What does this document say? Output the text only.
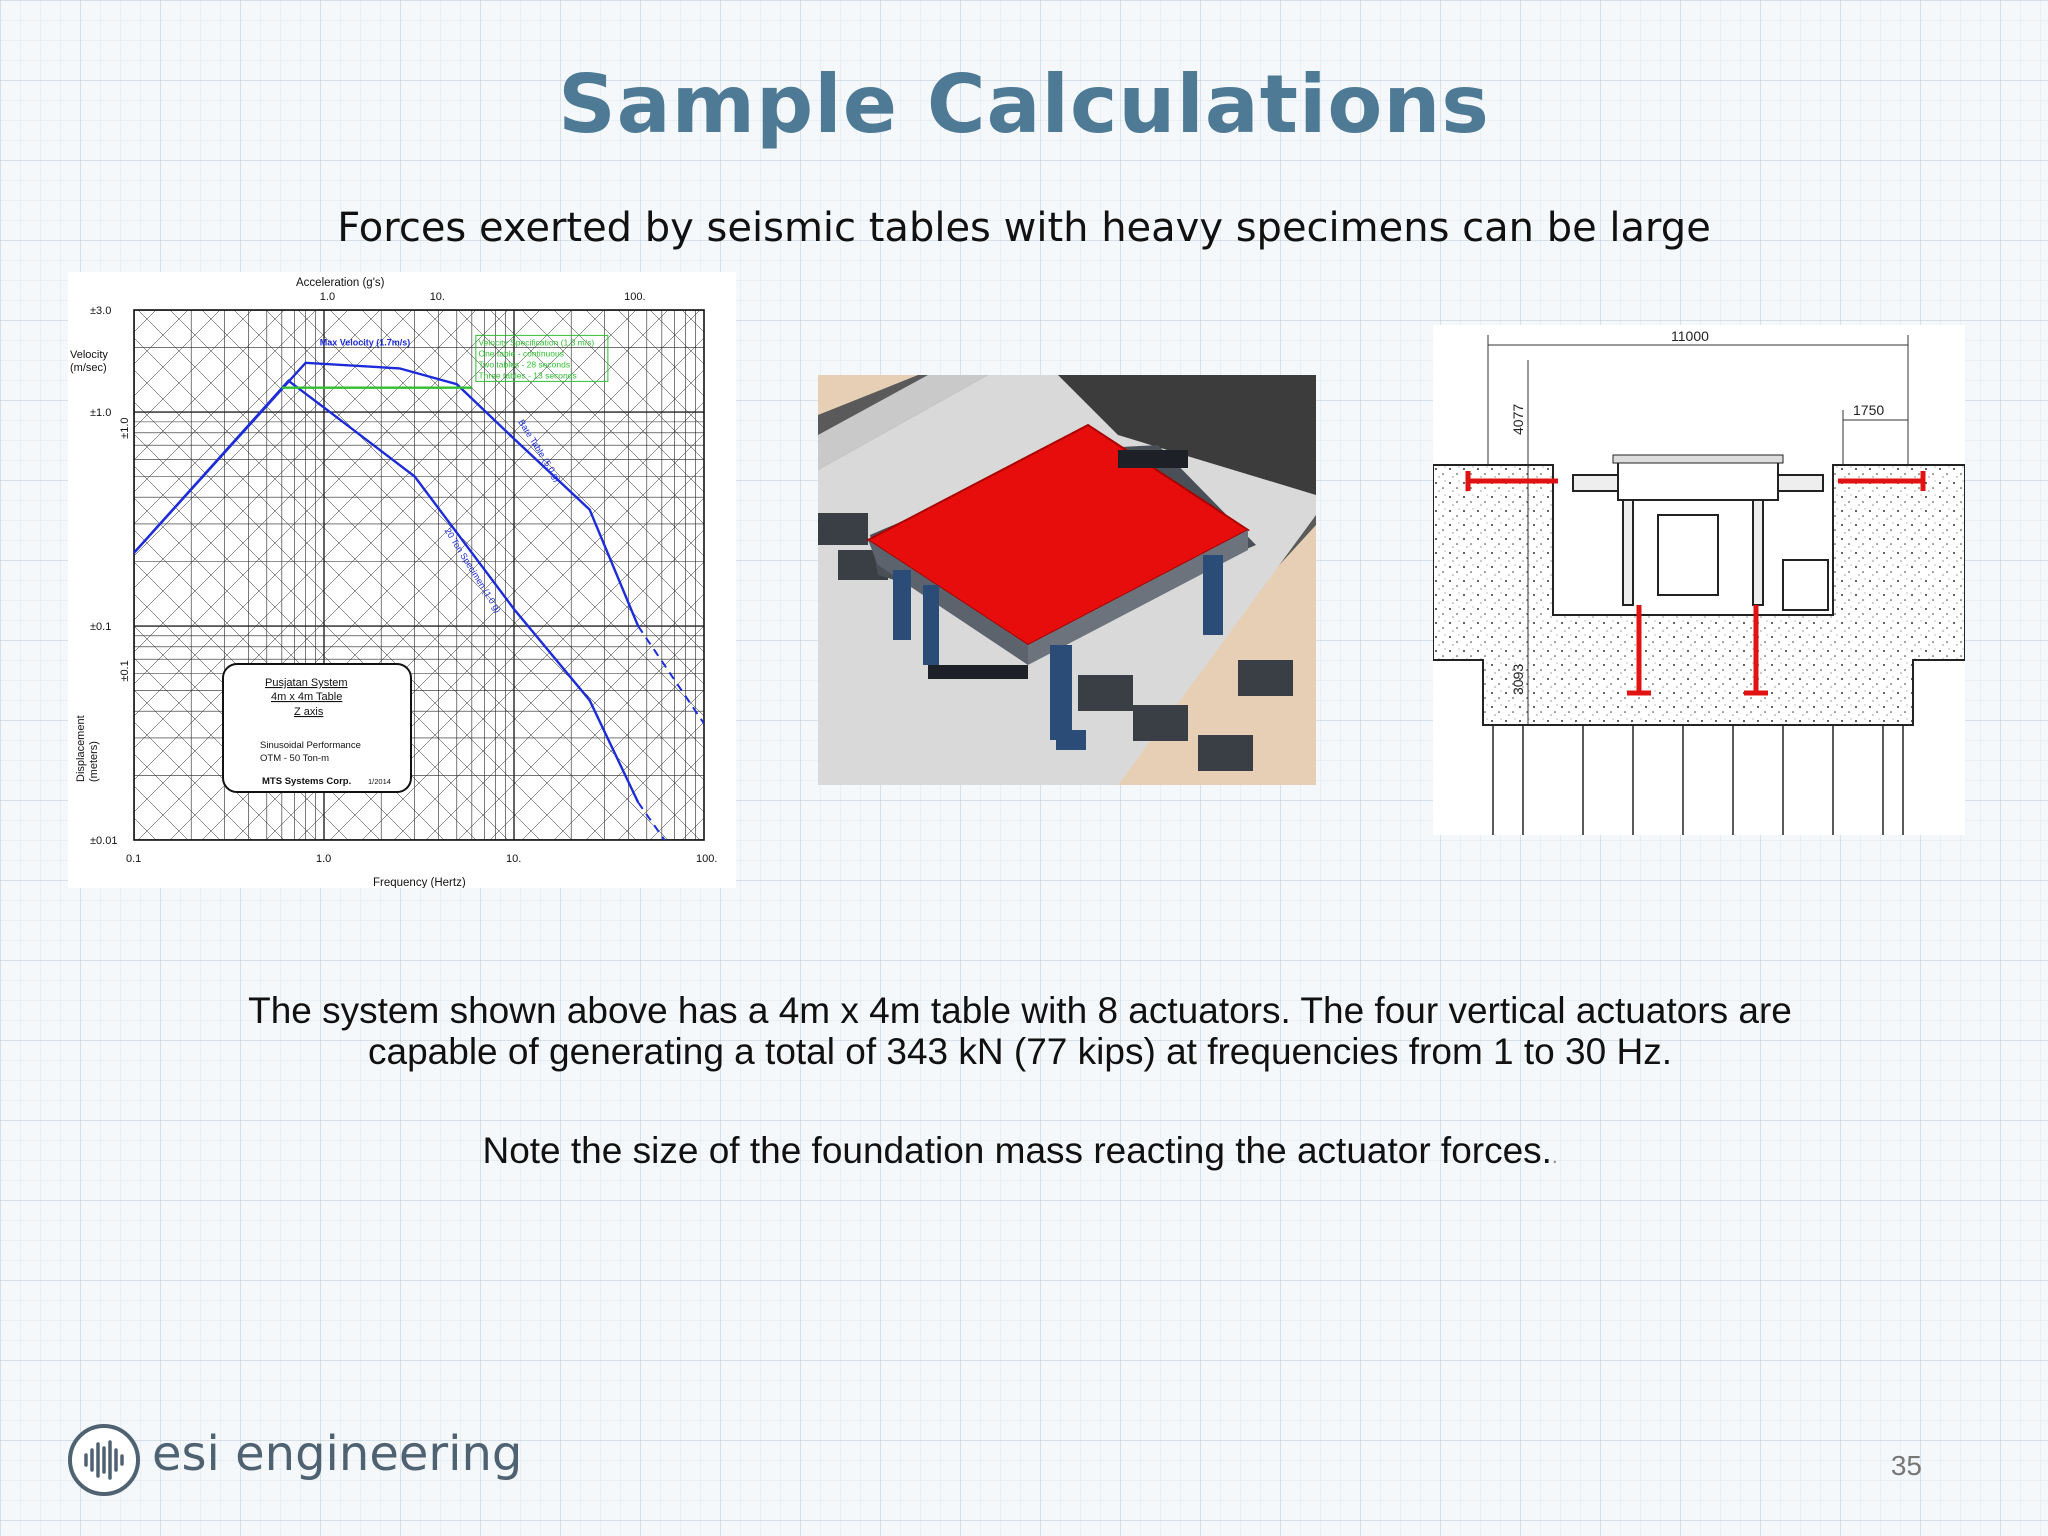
Sample Calculations
Forces exerted by seismic tables with heavy specimens can be large
Max Velocity (1.7m/s)	Velocity Specification (1.3 m/s)
One table - continuous
Two tables - 28 seconds
Three tables - 13 seconds
Bare Table (5.0 g)
20 Ton Specimen (1.0 g)
0.1	1.0	10.	100.
±3.0
±1.0
±0.1
±0.01
1.0	10.	100.
±1.0
±0.1
Frequency (Hertz)
Acceleration (g's)
Velocity
(m/sec)
Displacement (meters)
Pusjatan System
4m x 4m Table
Z axis
Sinusoidal Performance
OTM - 50 Ton-m
MTS Systems Corp. 1/2014
11000
1750
4077
3093
The system shown above has a 4m x 4m table with 8 actuators. The four vertical actuators are capable of generating a total of 343 kN (77 kips) at frequencies from 1 to 30 Hz.
Note the size of the foundation mass reacting the actuator forces..
esi engineering	35
